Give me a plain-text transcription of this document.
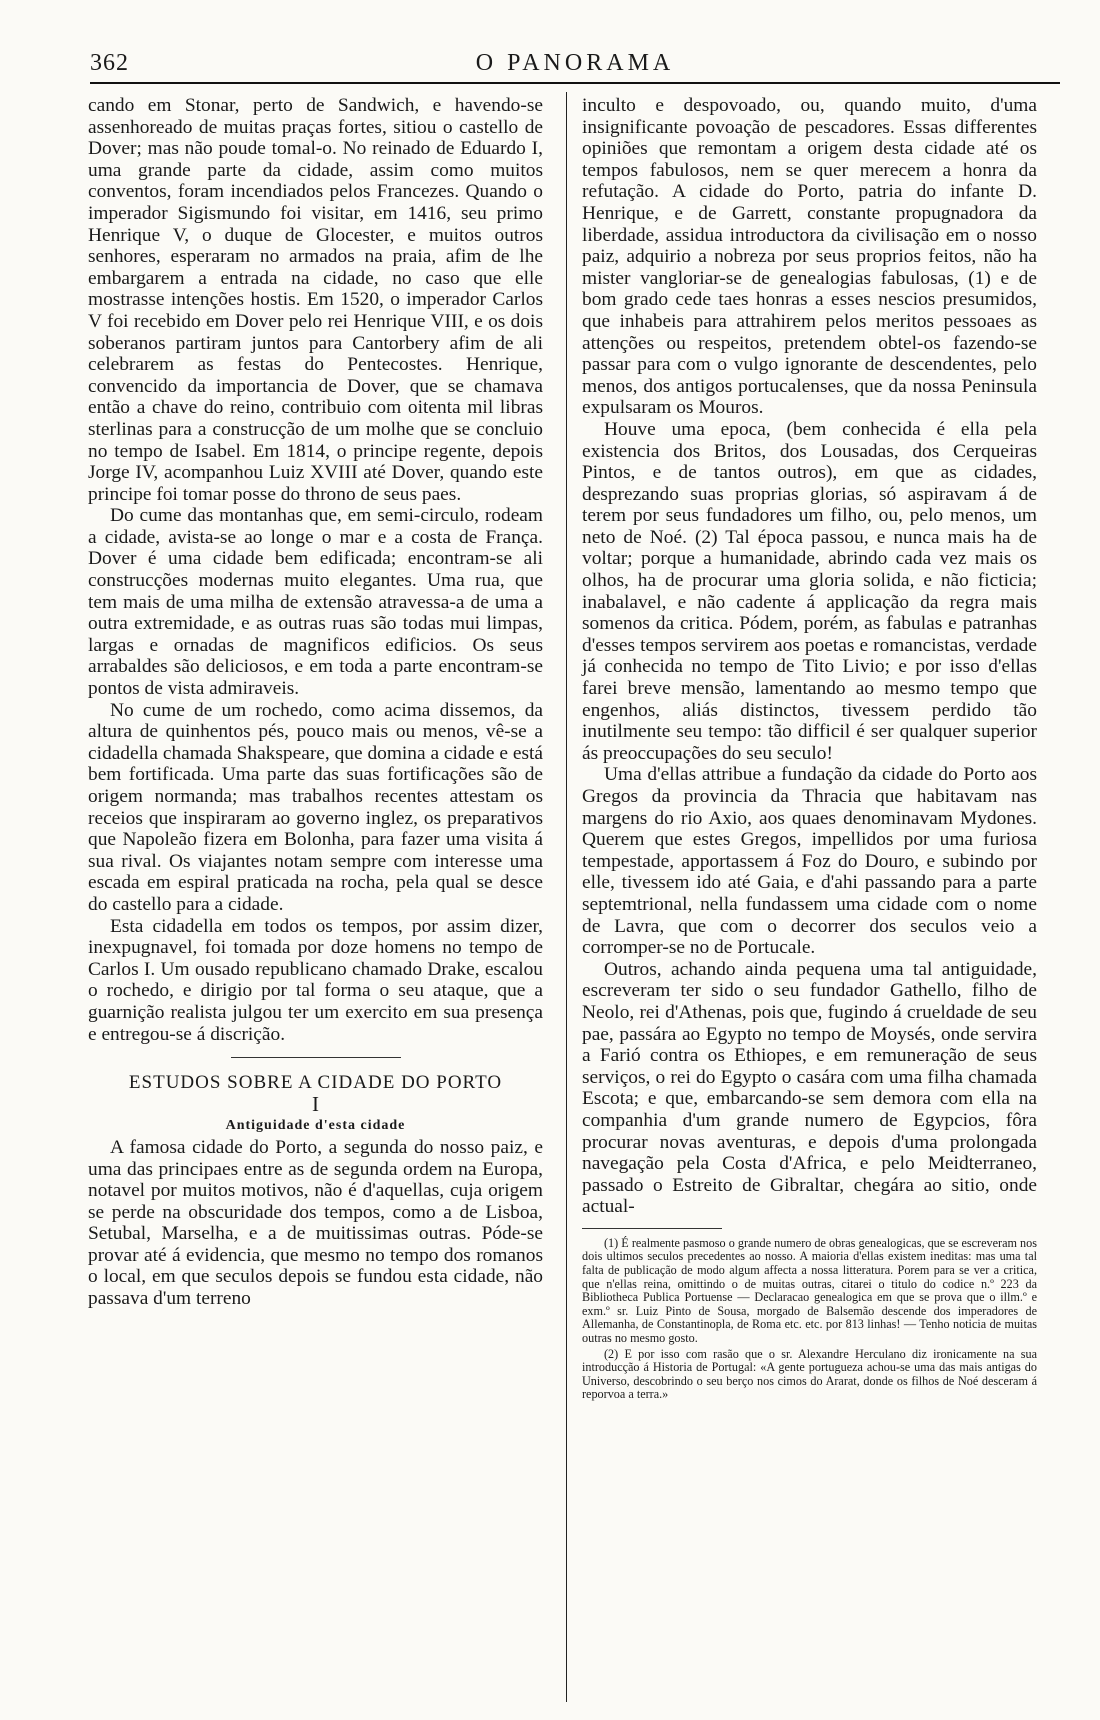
362	O PANORAMA

cando em Stonar, perto de Sandwich, e havendo-se assenhoreado de muitas praças fortes, sitiou o castello de Dover; mas não poude tomal-o. No reinado de Eduardo I, uma grande parte da cidade, assim como muitos conventos, foram incendiados pelos Francezes. Quando o imperador Sigismundo foi visitar, em 1416, seu primo Henrique V, o duque de Glocester, e muitos outros senhores, esperaram no armados na praia, afim de lhe embargarem a entrada na cidade, no caso que elle mostrasse intenções hostis. Em 1520, o imperador Carlos V foi recebido em Dover pelo rei Henrique VIII, e os dois soberanos partiram juntos para Cantorbery afim de ali celebrarem as festas do Pentecostes. Henrique, convencido da importancia de Dover, que se chamava então a chave do reino, contribuio com oitenta mil libras sterlinas para a construcção de um molhe que se concluio no tempo de Isabel. Em 1814, o principe regente, depois Jorge IV, acompanhou Luiz XVIII até Dover, quando este principe foi tomar posse do throno de seus paes.

Do cume das montanhas que, em semi-circulo, rodeam a cidade, avista-se ao longe o mar e a costa de França. Dover é uma cidade bem edificada; encontram-se ali construcções modernas muito elegantes. Uma rua, que tem mais de uma milha de extensão atravessa-a de uma a outra extremidade, e as outras ruas são todas mui limpas, largas e ornadas de magnificos edificios. Os seus arrabaldes são deliciosos, e em toda a parte encontram-se pontos de vista admiraveis.

No cume de um rochedo, como acima dissemos, da altura de quinhentos pés, pouco mais ou menos, vê-se a cidadella chamada Shakspeare, que domina a cidade e está bem fortificada. Uma parte das suas fortificações são de origem normanda; mas trabalhos recentes attestam os receios que inspiraram ao governo inglez, os preparativos que Napoleão fizera em Bolonha, para fazer uma visita á sua rival. Os viajantes notam sempre com interesse uma escada em espiral praticada na rocha, pela qual se desce do castello para a cidade.

Esta cidadella em todos os tempos, por assim dizer, inexpugnavel, foi tomada por doze homens no tempo de Carlos I. Um ousado republicano chamado Drake, escalou o rochedo, e dirigio por tal forma o seu ataque, que a guarnição realista julgou ter um exercito em sua presença e entregou-se á discrição.

ESTUDOS SOBRE A CIDADE DO PORTO

I

Antiguidade d'esta cidade

A famosa cidade do Porto, a segunda do nosso paiz, e uma das principaes entre as de segunda ordem na Europa, notavel por muitos motivos, não é d'aquellas, cuja origem se perde na obscuridade dos tempos, como a de Lisboa, Setubal, Marselha, e a de muitissimas outras. Póde-se provar até á evidencia, que mesmo no tempo dos romanos o local, em que seculos depois se fundou esta cidade, não passava d'um terreno

inculto e despovoado, ou, quando muito, d'uma insignificante povoação de pescadores. Essas differentes opiniões que remontam a origem desta cidade até os tempos fabulosos, nem se quer merecem a honra da refutação. A cidade do Porto, patria do infante D. Henrique, e de Garrett, constante propugnadora da liberdade, assidua introductora da civilisação em o nosso paiz, adquirio a nobreza por seus proprios feitos, não ha mister vangloriar-se de genealogias fabulosas, (1) e de bom grado cede taes honras a esses nescios presumidos, que inhabeis para attrahirem pelos meritos pessoaes as attenções ou respeitos, pretendem obtel-os fazendo-se passar para com o vulgo ignorante de descendentes, pelo menos, dos antigos portucalenses, que da nossa Peninsula expulsaram os Mouros.

Houve uma epoca, (bem conhecida é ella pela existencia dos Britos, dos Lousadas, dos Cerqueiras Pintos, e de tantos outros), em que as cidades, desprezando suas proprias glorias, só aspiravam á de terem por seus fundadores um filho, ou, pelo menos, um neto de Noé. (2) Tal época passou, e nunca mais ha de voltar; porque a humanidade, abrindo cada vez mais os olhos, ha de procurar uma gloria solida, e não ficticia; inabalavel, e não cadente á applicação da regra mais somenos da critica. Pódem, porém, as fabulas e patranhas d'esses tempos servirem aos poetas e romancistas, verdade já conhecida no tempo de Tito Livio; e por isso d'ellas farei breve mensão, lamentando ao mesmo tempo que engenhos, aliás distinctos, tivessem perdido tão inutilmente seu tempo: tão difficil é ser qualquer superior ás preoccupações do seu seculo!

Uma d'ellas attribue a fundação da cidade do Porto aos Gregos da provincia da Thracia que habitavam nas margens do rio Axio, aos quaes denominavam Mydones. Querem que estes Gregos, impellidos por uma furiosa tempestade, apportassem á Foz do Douro, e subindo por elle, tivessem ido até Gaia, e d'ahi passando para a parte septemtrional, nella fundassem uma cidade com o nome de Lavra, que com o decorrer dos seculos veio a corromper-se no de Portucale.

Outros, achando ainda pequena uma tal antiguidade, escreveram ter sido o seu fundador Gathello, filho de Neolo, rei d'Athenas, pois que, fugindo á crueldade de seu pae, passára ao Egypto no tempo de Moysés, onde servira a Farió contra os Ethiopes, e em remuneração de seus serviços, o rei do Egypto o casára com uma filha chamada Escota; e que, embarcando-se sem demora com ella na companhia d'um grande numero de Egypcios, fôra procurar novas aventuras, e depois d'uma prolongada navegação pela Costa d'Africa, e pelo Meidterraneo, passado o Estreito de Gibraltar, chegára ao sitio, onde actual-

(1) É realmente pasmoso o grande numero de obras genealogicas, que se escreveram nos dois ultimos seculos precedentes ao nosso. A maioria d'ellas existem ineditas: mas uma tal falta de publicação de modo algum affecta a nossa litteratura. Porem para se ver a critica, que n'ellas reina, omittindo o de muitas outras, citarei o titulo do codice n.º 223 da Bibliotheca Publica Portuense — Declaracao genealogica em que se prova que o illm.º e exm.º sr. Luiz Pinto de Sousa, morgado de Balsemão descende dos imperadores de Allemanha, de Constantinopla, de Roma etc. etc. por 813 linhas! — Tenho noticia de muitas outras no mesmo gosto.

(2) E por isso com rasão que o sr. Alexandre Herculano diz ironicamente na sua introducção á Historia de Portugal: «A gente portugueza achou-se uma das mais antigas do Universo, descobrindo o seu berço nos cimos do Ararat, donde os filhos de Noé desceram á reporvoa a terra.»
